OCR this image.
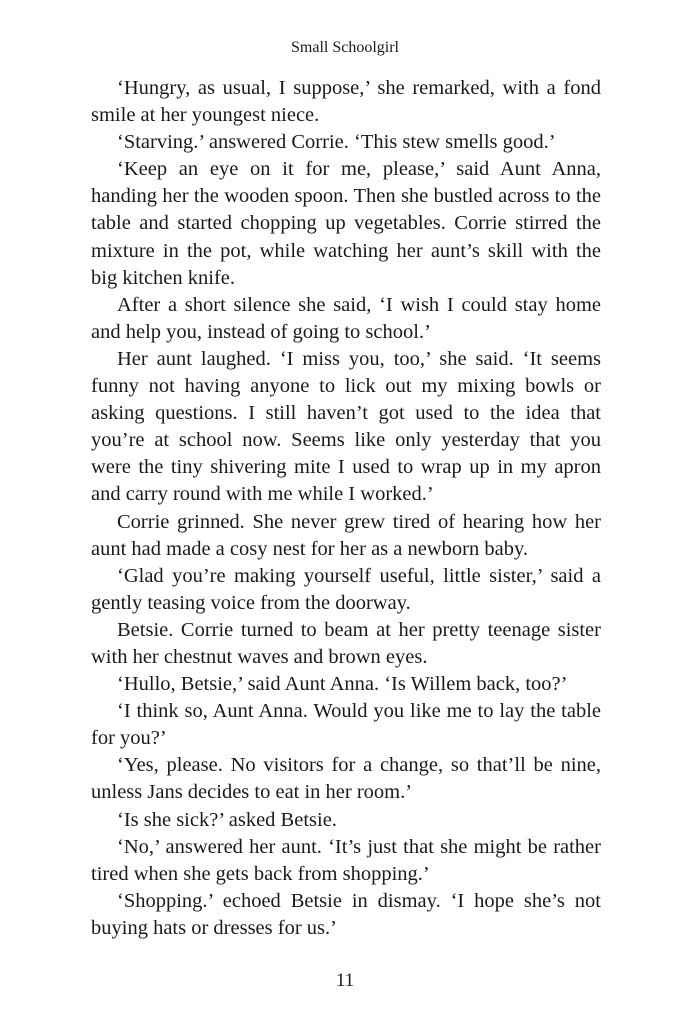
Small Schoolgirl

‘Hungry, as usual, I suppose,’ she remarked, with a fond smile at her youngest niece.

‘Starving.’ answered Corrie. ‘This stew smells good.’

‘Keep an eye on it for me, please,’ said Aunt Anna, handing her the wooden spoon. Then she bustled across to the table and started chopping up vegetables. Corrie stirred the mixture in the pot, while watching her aunt’s skill with the big kitchen knife.

After a short silence she said, ‘I wish I could stay home and help you, instead of going to school.’

Her aunt laughed. ‘I miss you, too,’ she said. ‘It seems funny not having anyone to lick out my mixing bowls or asking questions. I still haven’t got used to the idea that you’re at school now. Seems like only yesterday that you were the tiny shivering mite I used to wrap up in my apron and carry round with me while I worked.’

Corrie grinned. She never grew tired of hearing how her aunt had made a cosy nest for her as a newborn baby.

‘Glad you’re making yourself useful, little sister,’ said a gently teasing voice from the doorway.

Betsie. Corrie turned to beam at her pretty teenage sister with her chestnut waves and brown eyes.

‘Hullo, Betsie,’ said Aunt Anna. ‘Is Willem back, too?’

‘I think so, Aunt Anna. Would you like me to lay the table for you?’

‘Yes, please. No visitors for a change, so that’ll be nine, unless Jans decides to eat in her room.’

‘Is she sick?’ asked Betsie.

‘No,’ answered her aunt. ‘It’s just that she might be rather tired when she gets back from shopping.’

‘Shopping.’ echoed Betsie in dismay. ‘I hope she’s not buying hats or dresses for us.’

11
